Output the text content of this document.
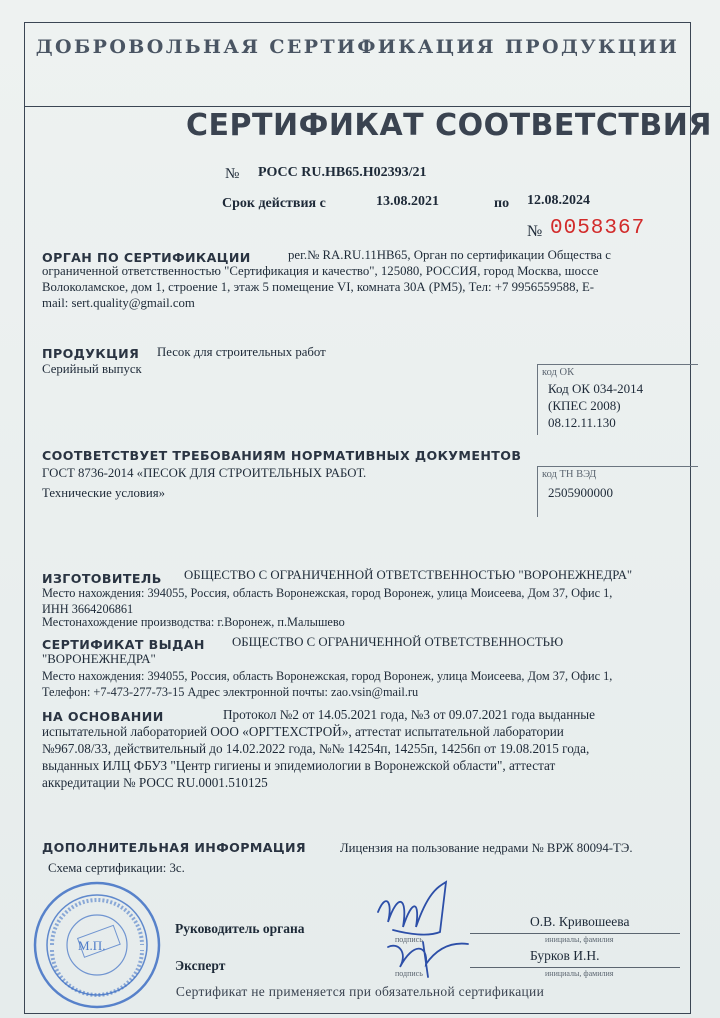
ДОБРОВОЛЬНАЯ СЕРТИФИКАЦИЯ ПРОДУКЦИИ
СЕРТИФИКАТ СООТВЕТСТВИЯ
№ РОСС RU.HB65.H02393/21
Срок действия с	13.08.2021	по 12.08.2024
№ 0058367
ОРГАН ПО СЕРТИФИКАЦИИ	рег.№ RA.RU.11HB65, Орган по сертификации Общества с
ограниченной ответственностью "Сертификация и качество", 125080, РОССИЯ, город Москва, шоссе
Волоколамское, дом 1, строение 1, этаж 5 помещение VI, комната 30А (РМ5), Тел: +7 9956559588, E-
mail: sert.quality@gmail.com
ПРОДУКЦИЯ Песок для строительных работ
Серийный выпуск	код ОК
Код ОК 034-2014
(КПЕС 2008)
08.12.11.130
СООТВЕТСТВУЕТ ТРЕБОВАНИЯМ НОРМАТИВНЫХ ДОКУМЕНТОВ
ГОСТ 8736-2014 «ПЕСОК ДЛЯ СТРОИТЕЛЬНЫХ РАБОТ.
Технические условия»
код ТН ВЭД
2505900000
ИЗГОТОВИТЕЛЬ ОБЩЕСТВО С ОГРАНИЧЕННОЙ ОТВЕТСТВЕННОСТЬЮ "ВОРОНЕЖНЕДРА"
Место нахождения: 394055, Россия, область Воронежская, город Воронеж, улица Моисеева, Дом 37, Офис 1,
ИНН 3664206861
Местонахождение производства: г.Воронеж, п.Малышево
СЕРТИФИКАТ ВЫДАН ОБЩЕСТВО С ОГРАНИЧЕННОЙ ОТВЕТСТВЕННОСТЬЮ
"ВОРОНЕЖНЕДРА"
Место нахождения: 394055, Россия, область Воронежская, город Воронеж, улица Моисеева, Дом 37, Офис 1,
Телефон: +7-473-277-73-15 Адрес электронной почты: zao.vsin@mail.ru
НА ОСНОВАНИИ	Протокол №2 от 14.05.2021 года, №3 от 09.07.2021 года выданные
испытательной лабораторией ООО «ОРГТЕХСТРОЙ», аттестат испытательной лаборатории
№967.08/33, действительный до 14.02.2022 года, №№ 14254п, 14255п, 14256п от 19.08.2015 года,
выданных ИЛЦ ФБУЗ "Центр гигиены и эпидемиологии в Воронежской области", аттестат
аккредитации № РОСС RU.0001.510125
ДОПОЛНИТЕЛЬНАЯ ИНФОРМАЦИЯ	Лицензия на пользование недрами № ВРЖ 80094-ТЭ.
Схема сертификации: 3с.
М.П.
Руководитель органа
Эксперт
О.В. Кривошеева
Бурков И.Н.
подпись	инициалы, фамилия
подпись	инициалы, фамилия
Сертификат не применяется при обязательной сертификации
